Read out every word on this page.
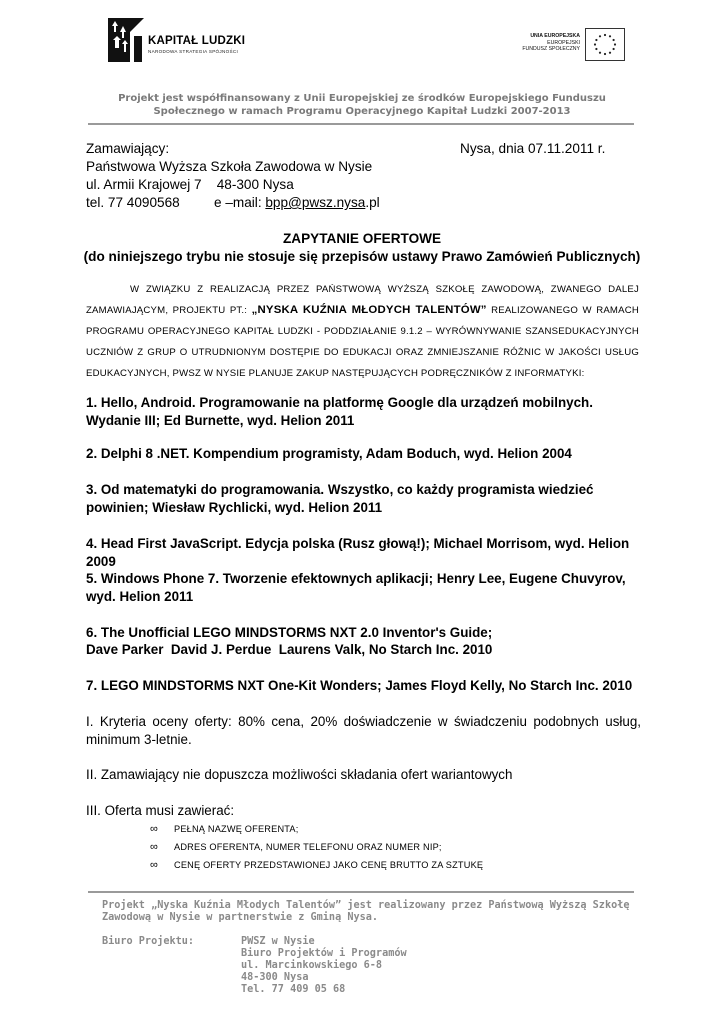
KAPITAŁ LUDZKI
NARODOWA STRATEGIA SPÓJNOŚCI
UNIA EUROPEJSKA
EUROPEJSKI
FUNDUSZ SPOŁECZNY
Projekt jest współfinansowany z Unii Europejskiej ze środków Europejskiego Funduszu
Społecznego w ramach Programu Operacyjnego Kapitał Ludzki 2007-2013
Zamawiający:	Nysa, dnia 07.11.2011 r.
Państwowa Wyższa Szkoła Zawodowa w Nysie
ul. Armii Krajowej 7    48-300 Nysa
tel. 77 4090568	e –mail: bpp@pwsz.nysa.pl
ZAPYTANIE OFERTOWE
(do niniejszego trybu nie stosuje się przepisów ustawy Prawo Zamówień Publicznych)
W ZWIĄZKU Z REALIZACJĄ PRZEZ PAŃSTWOWĄ WYŻSZĄ SZKOŁĘ ZAWODOWĄ, ZWANEGO DALEJ ZAMAWIAJĄCYM, PROJEKTU PT.: „NYSKA KUŹNIA MŁODYCH TALENTÓW” REALIZOWANEGO W RAMACH PROGRAMU OPERACYJNEGO KAPITAŁ LUDZKI - PODDZIAŁANIE 9.1.2 – WYRÓWNYWANIE SZANSEDUKACYJNYCH UCZNIÓW Z GRUP O UTRUDNIONYM DOSTĘPIE DO EDUKACJI ORAZ ZMNIEJSZANIE RÓŻNIC W JAKOŚCI USŁUG EDUKACYJNYCH, PWSZ W NYSIE PLANUJE ZAKUP NASTĘPUJĄCYCH PODRĘCZNIKÓW Z INFORMATYKI:
1. Hello, Android. Programowanie na platformę Google dla urządzeń mobilnych. Wydanie III; Ed Burnette, wyd. Helion 2011
2. Delphi 8 .NET. Kompendium programisty, Adam Boduch, wyd. Helion 2004
3. Od matematyki do programowania. Wszystko, co każdy programista wiedzieć powinien; Wiesław Rychlicki, wyd. Helion 2011
4. Head First JavaScript. Edycja polska (Rusz głową!); Michael Morrisom, wyd. Helion 2009
5. Windows Phone 7. Tworzenie efektownych aplikacji; Henry Lee, Eugene Chuvyrov, wyd. Helion 2011
6. The Unofficial LEGO MINDSTORMS NXT 2.0 Inventor's Guide;
Dave Parker  David J. Perdue  Laurens Valk, No Starch Inc. 2010
7. LEGO MINDSTORMS NXT One-Kit Wonders; James Floyd Kelly, No Starch Inc. 2010
I. Kryteria oceny oferty: 80% cena, 20% doświadczenie w świadczeniu podobnych usług, minimum 3-letnie.
II. Zamawiający nie dopuszcza możliwości składania ofert wariantowych
III. Oferta musi zawierać:
∞ PEŁNĄ NAZWĘ OFERENTA;
∞ ADRES OFERENTA, NUMER TELEFONU ORAZ NUMER NIP;
∞ CENĘ OFERTY PRZEDSTAWIONEJ JAKO CENĘ BRUTTO ZA SZTUKĘ
Projekt „Nyska Kuźnia Młodych Talentów” jest realizowany przez Państwową Wyższą Szkołę
Zawodową w Nysie w partnerstwie z Gminą Nysa.
Biuro Projektu:	PWSZ w Nysie
Biuro Projektów i Programów
ul. Marcinkowskiego 6-8
48-300 Nysa
Tel. 77 409 05 68
